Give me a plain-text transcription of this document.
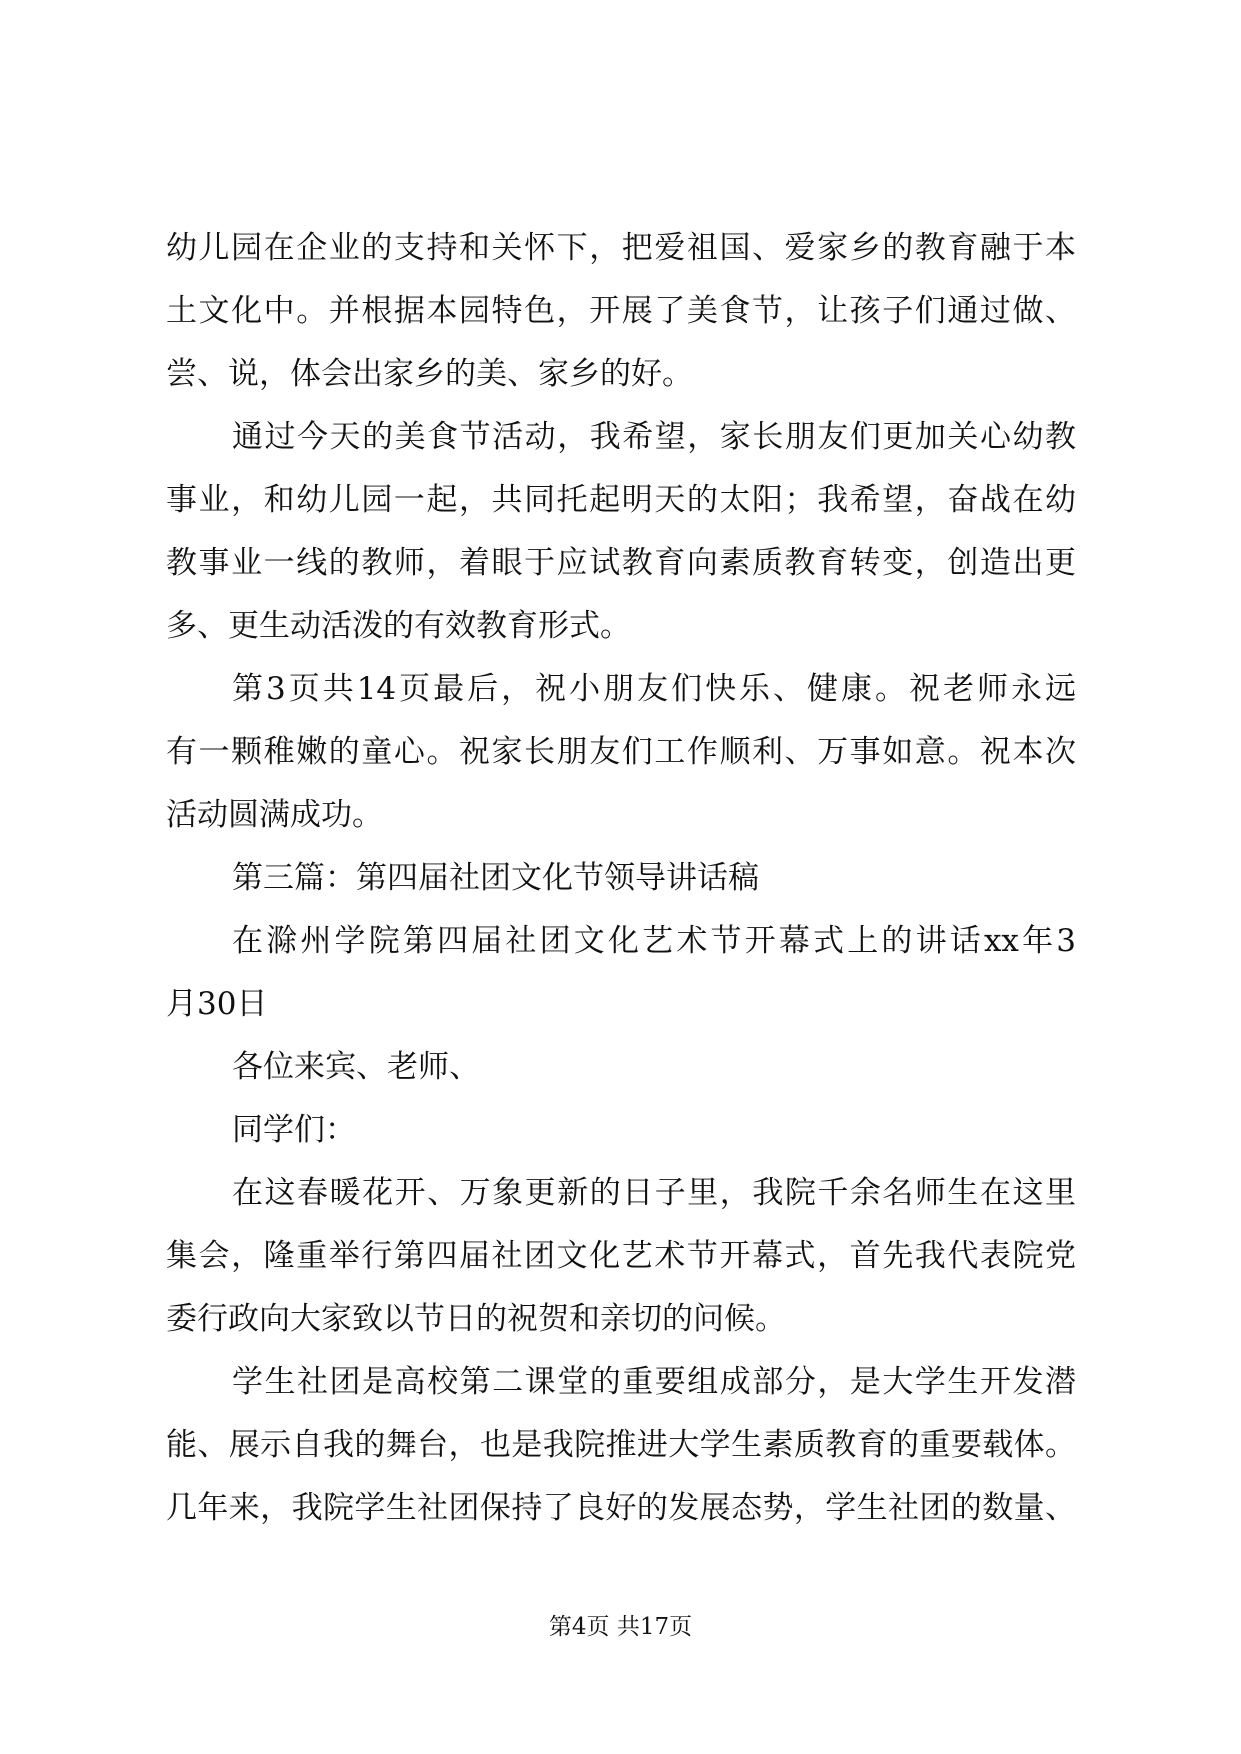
幼儿园在企业的支持和关怀下，把爱祖国、爱家乡的教育融于本
土文化中。并根据本园特色，开展了美食节，让孩子们通过做、
尝、说，体会出家乡的美、家乡的好。
通过今天的美食节活动，我希望，家长朋友们更加关心幼教
事业，和幼儿园一起，共同托起明天的太阳；我希望，奋战在幼
教事业一线的教师，着眼于应试教育向素质教育转变，创造出更
多、更生动活泼的有效教育形式。
第3页共14页最后，祝小朋友们快乐、健康。祝老师永远
有一颗稚嫩的童心。祝家长朋友们工作顺利、万事如意。祝本次
活动圆满成功。
第三篇：第四届社团文化节领导讲话稿
在滁州学院第四届社团文化艺术节开幕式上的讲话xx年3
月30日
各位来宾、老师、
同学们：
在这春暖花开、万象更新的日子里，我院千余名师生在这里
集会，隆重举行第四届社团文化艺术节开幕式，首先我代表院党
委行政向大家致以节日的祝贺和亲切的问候。
学生社团是高校第二课堂的重要组成部分，是大学生开发潜
能、展示自我的舞台，也是我院推进大学生素质教育的重要载体。
几年来，我院学生社团保持了良好的发展态势，学生社团的数量、
第4页 共17页
